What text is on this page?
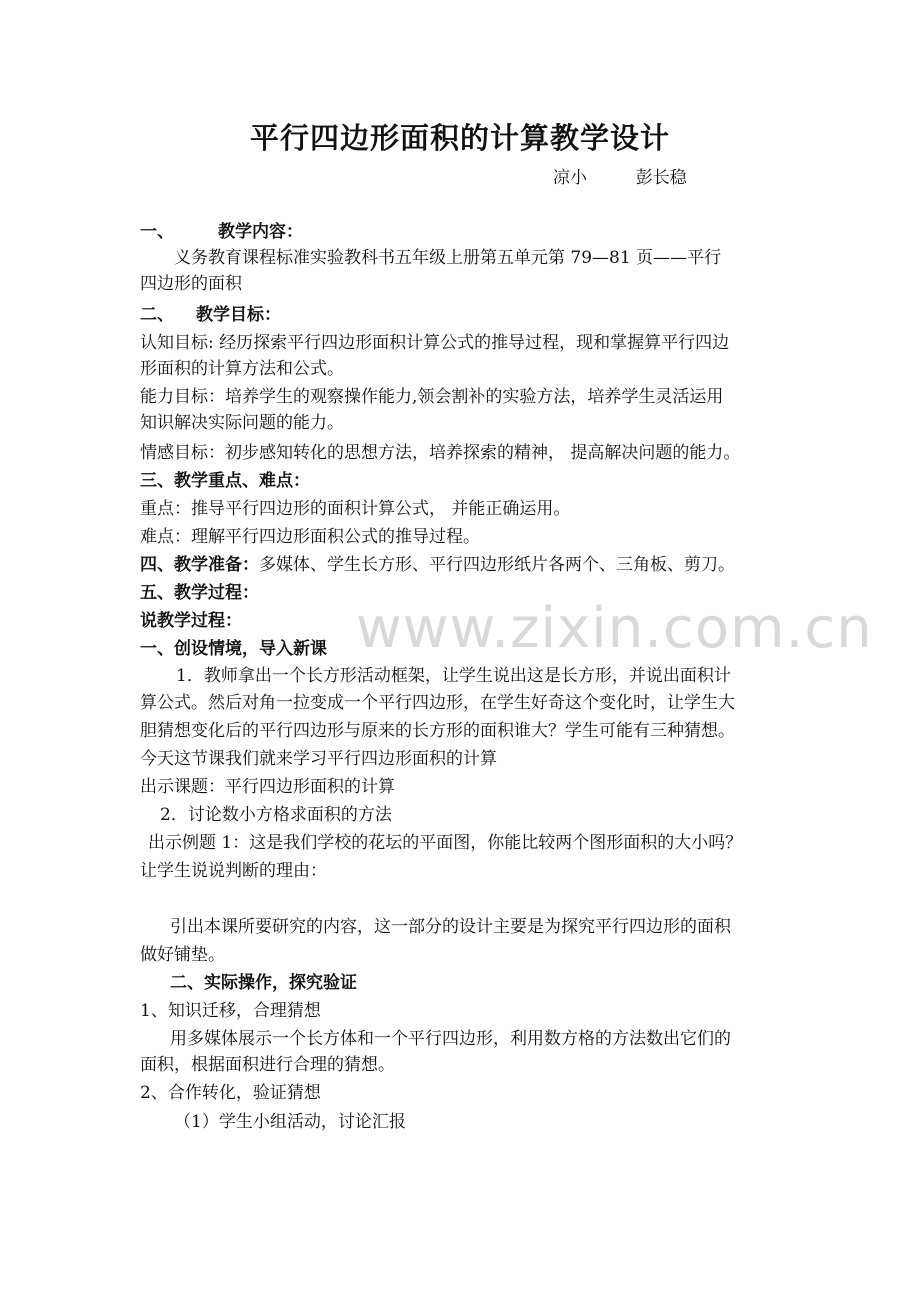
www.zixin.com.cn
平行四边形面积的计算教学设计
凉小	彭长稳
一、	教学内容：
义务教育课程标准实验教科书五年级上册第五单元第 79—81 页——平行
四边形的面积
二、 教学目标：
认知目标: 经历探索平行四边形面积计算公式的推导过程，现和掌握算平行四边
形面积的计算方法和公式。
能力目标：培养学生的观察操作能力,领会割补的实验方法，培养学生灵活运用
知识解决实际问题的能力。
情感目标：初步感知转化的思想方法，培养探索的精神， 提高解决问题的能力。
三、教学重点、难点：
重点：推导平行四边形的面积计算公式， 并能正确运用。
难点：理解平行四边形面积公式的推导过程。
四、教学准备：多媒体、学生长方形、平行四边形纸片各两个、三角板、剪刀。
五、教学过程：
说教学过程：
一、创设情境，导入新课
1．教师拿出一个长方形活动框架，让学生说出这是长方形，并说出面积计
算公式。然后对角一拉变成一个平行四边形，在学生好奇这个变化时，让学生大
胆猜想变化后的平行四边形与原来的长方形的面积谁大？学生可能有三种猜想。
今天这节课我们就来学习平行四边形面积的计算
出示课题：平行四边形面积的计算
2．讨论数小方格求面积的方法
出示例题 1：这是我们学校的花坛的平面图，你能比较两个图形面积的大小吗？
让学生说说判断的理由：
引出本课所要研究的内容，这一部分的设计主要是为探究平行四边形的面积
做好铺垫。
二、实际操作，探究验证
1、知识迁移，合理猜想
用多媒体展示一个长方体和一个平行四边形，利用数方格的方法数出它们的
面积，根据面积进行合理的猜想。
2、合作转化，验证猜想
（1）学生小组活动，讨论汇报
